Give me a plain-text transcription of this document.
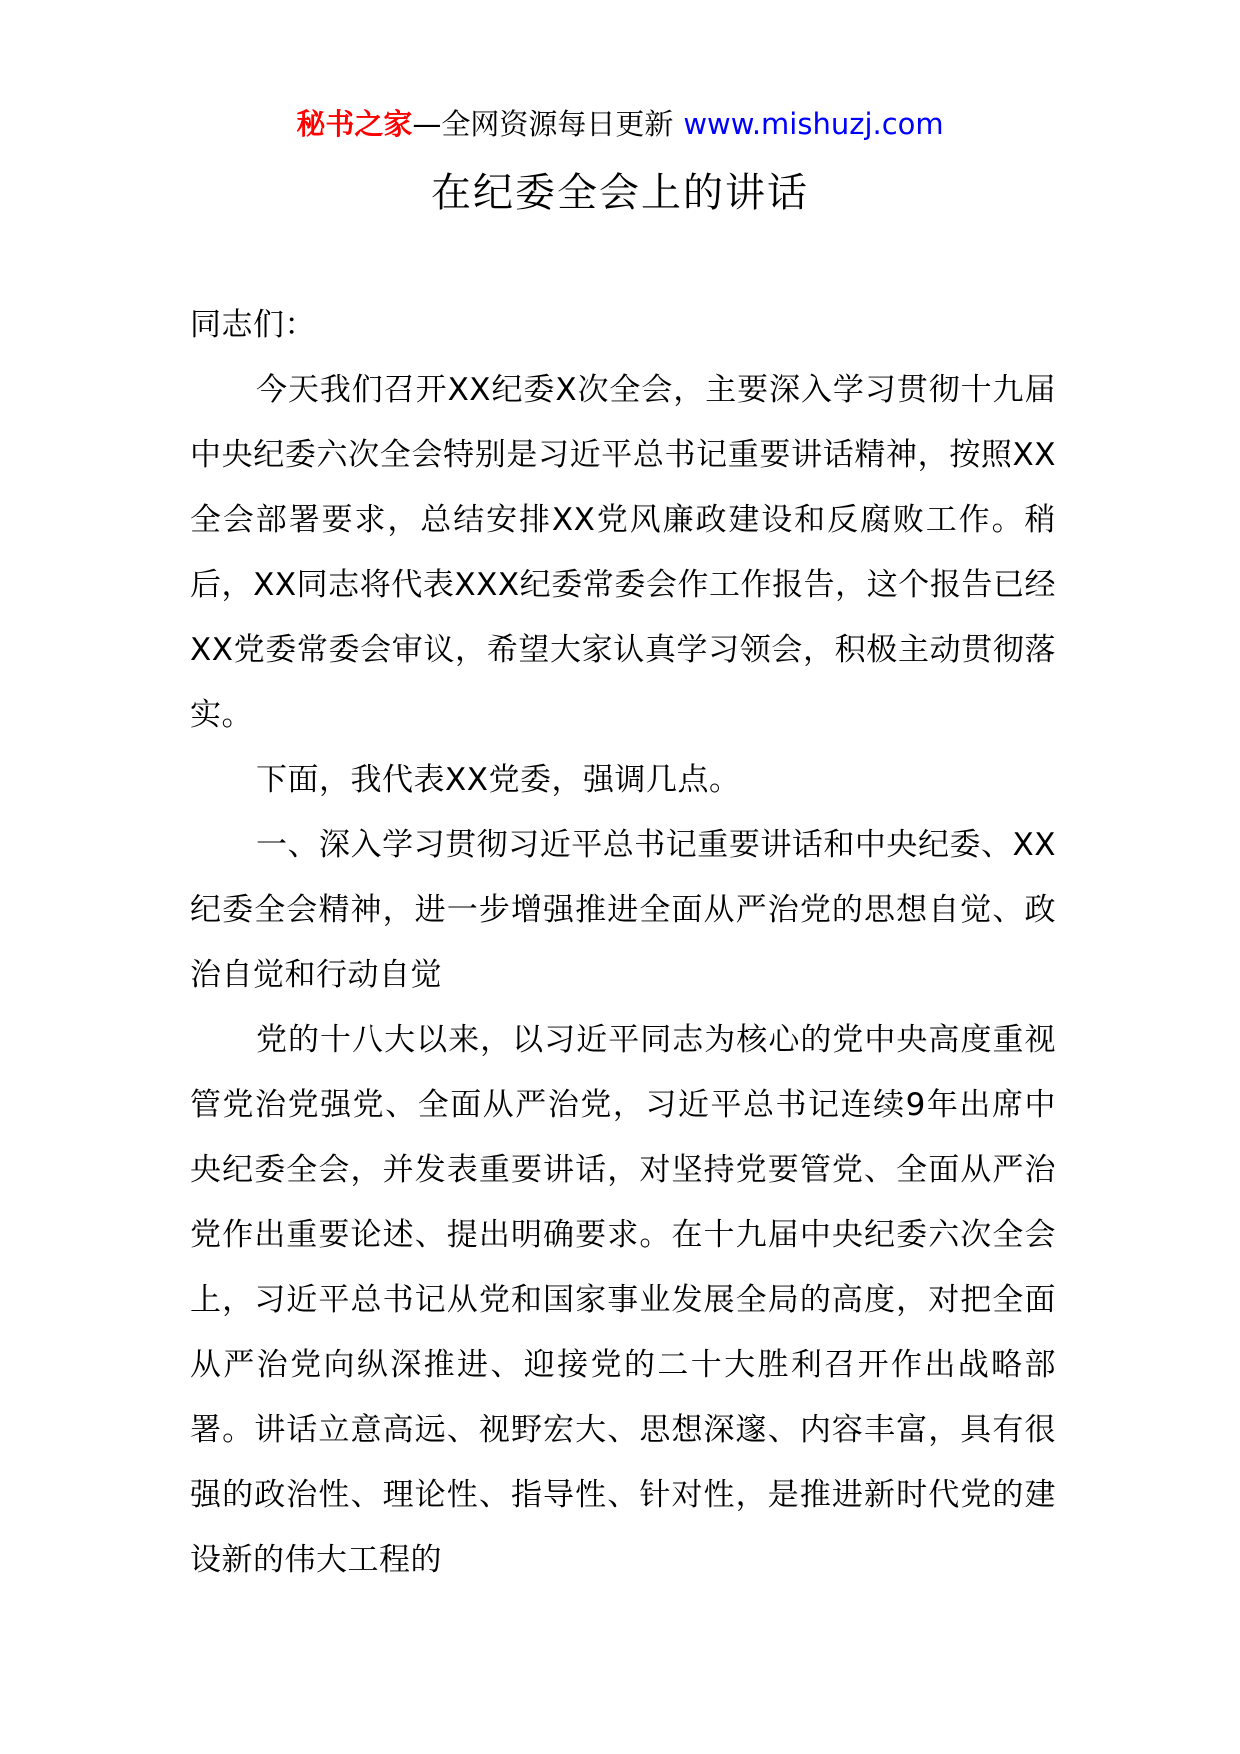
秘书之家—全网资源每日更新 www.mishuzj.com
在纪委全会上的讲话

同志们：

今天我们召开XX纪委X次全会，主要深入学习贯彻十九届中央纪委六次全会特别是习近平总书记重要讲话精神，按照XX全会部署要求，总结安排XX党风廉政建设和反腐败工作。稍后，XX同志将代表XXX纪委常委会作工作报告，这个报告已经XX党委常委会审议，希望大家认真学习领会，积极主动贯彻落实。

下面，我代表XX党委，强调几点。

一、深入学习贯彻习近平总书记重要讲话和中央纪委、XX纪委全会精神，进一步增强推进全面从严治党的思想自觉、政治自觉和行动自觉

党的十八大以来，以习近平同志为核心的党中央高度重视管党治党强党、全面从严治党，习近平总书记连续9年出席中央纪委全会，并发表重要讲话，对坚持党要管党、全面从严治党作出重要论述、提出明确要求。在十九届中央纪委六次全会上，习近平总书记从党和国家事业发展全局的高度，对把全面从严治党向纵深推进、迎接党的二十大胜利召开作出战略部署。讲话立意高远、视野宏大、思想深邃、内容丰富，具有很强的政治性、理论性、指导性、针对性，是推进新时代党的建设新的伟大工程的
